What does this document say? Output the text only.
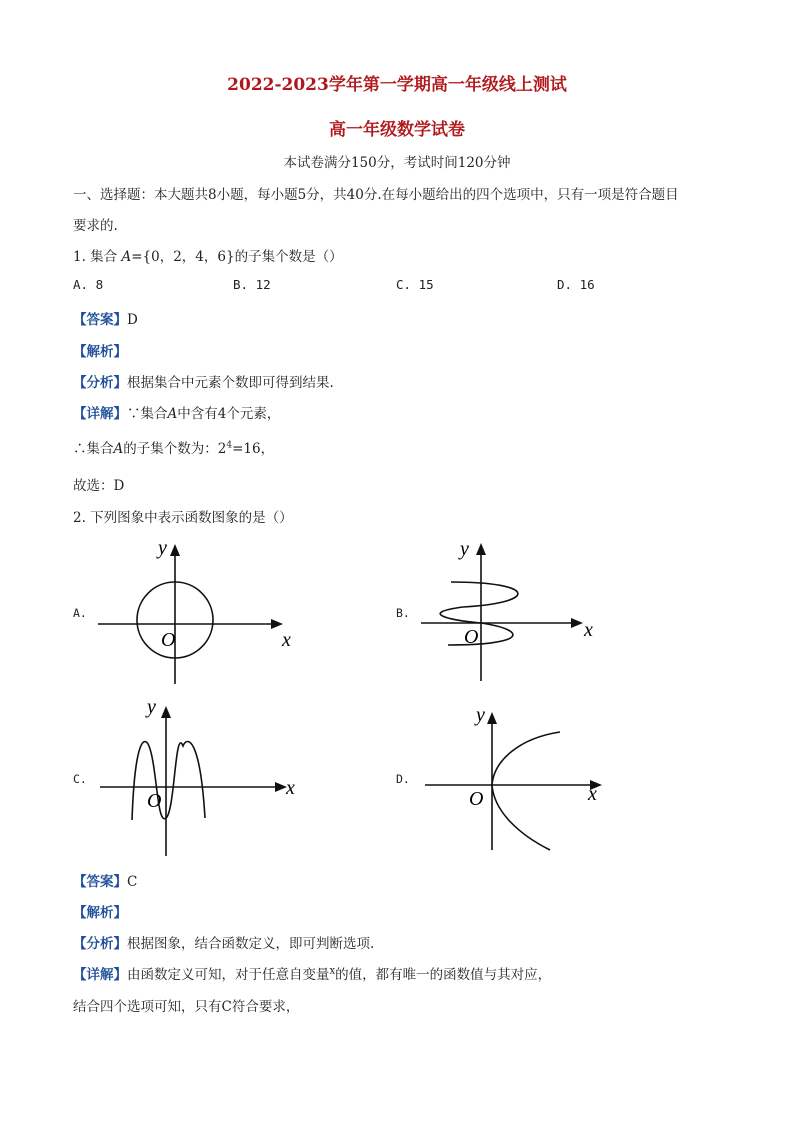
2022-2023学年第一学期高一年级线上测试
高一年级数学试卷
本试卷满分150分，考试时间120分钟
一、选择题：本大题共8小题，每小题5分，共40分.在每小题给出的四个选项中，只有一项是符合题目
要求的.
1. 集合 A={0，2，4，6}的子集个数是（）
A. 8	B. 12	C. 15	D. 16
【答案】D
【解析】
【分析】根据集合中元素个数即可得到结果.
【详解】∵集合A中含有4个元素，
∴集合A的子集个数为：$2^4=16$，
故选：D
2. 下列图象中表示函数图象的是（）
A.
x
y
O
B.
x
y
O
C.	x
y
O
D.
x
y
O
【答案】C
【解析】
【分析】根据图象，结合函数定义，即可判断选项.
【详解】由函数定义可知，对于任意自变量$^x$的值，都有唯一的函数值与其对应，
结合四个选项可知，只有C符合要求，
